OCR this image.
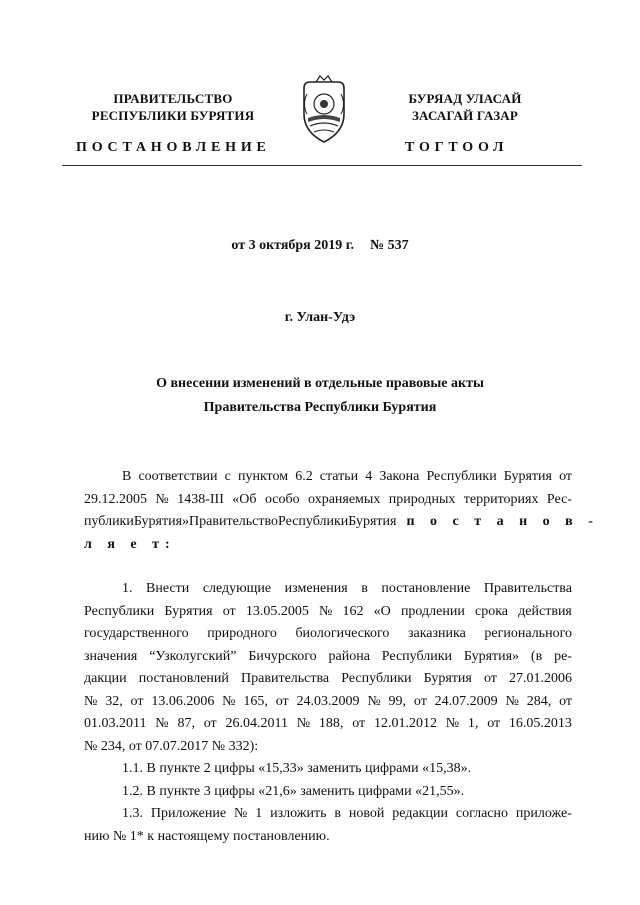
ПРАВИТЕЛЬСТВО
РЕСПУБЛИКИ БУРЯТИЯ
БУРЯАД УЛАСАЙ
ЗАСАГАЙ ГАЗАР
ПОСТАНОВЛЕНИЕ	ТОГТООЛ
от 3 октября 2019 г. № 537
г. Улан-Удэ
О внесении изменений в отдельные правовые акты
Правительства Республики Бурятия
В соответствии с пунктом 6.2 статьи 4 Закона Республики Бурятия от
29.12.2005 № 1438-III «Об особо охраняемых природных территориях Рес-
публики Бурятия» Правительство Республики Бурятия п о с т а н о в -
л я е т:
1. Внести следующие изменения в постановление Правительства
Республики Бурятия от 13.05.2005 № 162 «О продлении срока действия
государственного природного биологического заказника регионального
значения “Узколугский” Бичурского района Республики Бурятия» (в ре-
дакции постановлений Правительства Республики Бурятия от 27.01.2006
№ 32, от 13.06.2006 № 165, от 24.03.2009 № 99, от 24.07.2009 № 284, от
01.03.2011 № 87, от 26.04.2011 № 188, от 12.01.2012 № 1, от 16.05.2013
№ 234, от 07.07.2017 № 332):
1.1. В пункте 2 цифры «15,33» заменить цифрами «15,38».
1.2. В пункте 3 цифры «21,6» заменить цифрами «21,55».
1.3. Приложение № 1 изложить в новой редакции согласно приложе-
нию № 1* к настоящему постановлению.
